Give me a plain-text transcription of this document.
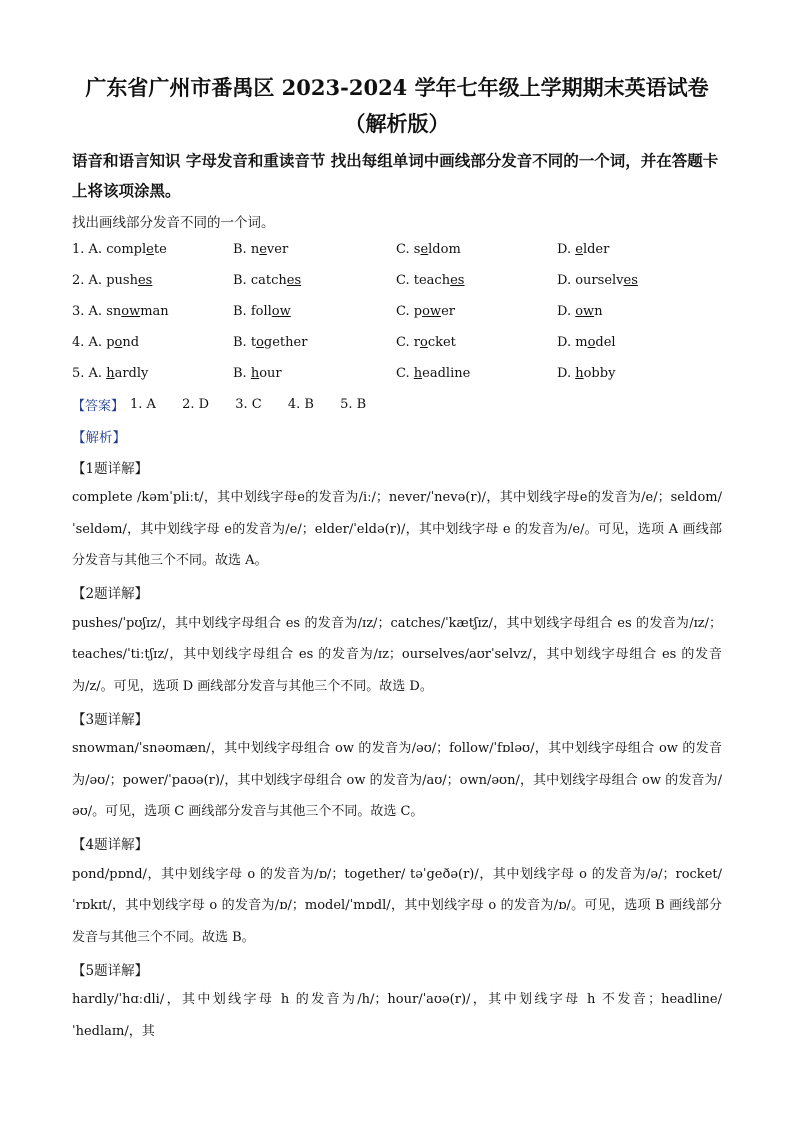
广东省广州市番禺区 2023-2024 学年七年级上学期期末英语试卷（解析版）
语音和语言知识 字母发音和重读音节 找出每组单词中画线部分发音不同的一个词，并在答题卡上将该项涂黑。
找出画线部分发音不同的一个词。
1. A. complete	B. never	C. seldom	D. elder
2. A. pushes	B. catches	C. teaches	D. ourselves
3. A. snowman	B. follow	C. power	D. own
4. A. pond	B. together	C. rocket	D. model
5. A. hardly	B. hour	C. headline	D. hobby
【答案】 1. A 2. D 3. C 4. B 5. B
【解析】
【1题详解】
complete /kəmˈpliːt/，其中划线字母e的发音为/iː/；never/ˈnevə(r)/，其中划线字母e的发音为/e/；seldom/ˈseldəm/，其中划线字母 e的发音为/e/；elder/ˈeldə(r)/，其中划线字母 e 的发音为/e/。可见，选项 A 画线部分发音与其他三个不同。故选 A。
【2题详解】
pushes/ˈpʊʃɪz/，其中划线字母组合 es 的发音为/ɪz/；catches/ˈkætʃɪz/，其中划线字母组合 es 的发音为/ɪz/；teaches/ˈtiːtʃɪz/，其中划线字母组合 es 的发音为/ɪz；ourselves/aʊrˈselvz/，其中划线字母组合 es 的发音为/z/。可见，选项 D 画线部分发音与其他三个不同。故选 D。
【3题详解】
snowman/ˈsnəʊmæn/，其中划线字母组合 ow 的发音为/əʊ/；follow/ˈfɒləʊ/，其中划线字母组合 ow 的发音为/əʊ/；power/ˈpaʊə(r)/，其中划线字母组合 ow 的发音为/aʊ/；own/əʊn/，其中划线字母组合 ow 的发音为/əʊ/。可见，选项 C 画线部分发音与其他三个不同。故选 C。
【4题详解】
pond/pɒnd/，其中划线字母 o 的发音为/ɒ/；together/ təˈgeðə(r)/，其中划线字母 o 的发音为/ə/；rocket/ˈrɒkɪt/，其中划线字母 o 的发音为/ɒ/；model/ˈmɒdl/，其中划线字母 o 的发音为/ɒ/。可见，选项 B 画线部分发音与其他三个不同。故选 B。
【5题详解】
hardly/ˈhɑːdli/，其中划线字母 h 的发音为/h/；hour/ˈaʊə(r)/，其中划线字母 h 不发音；headline/ˈhedlaɪn/，其
